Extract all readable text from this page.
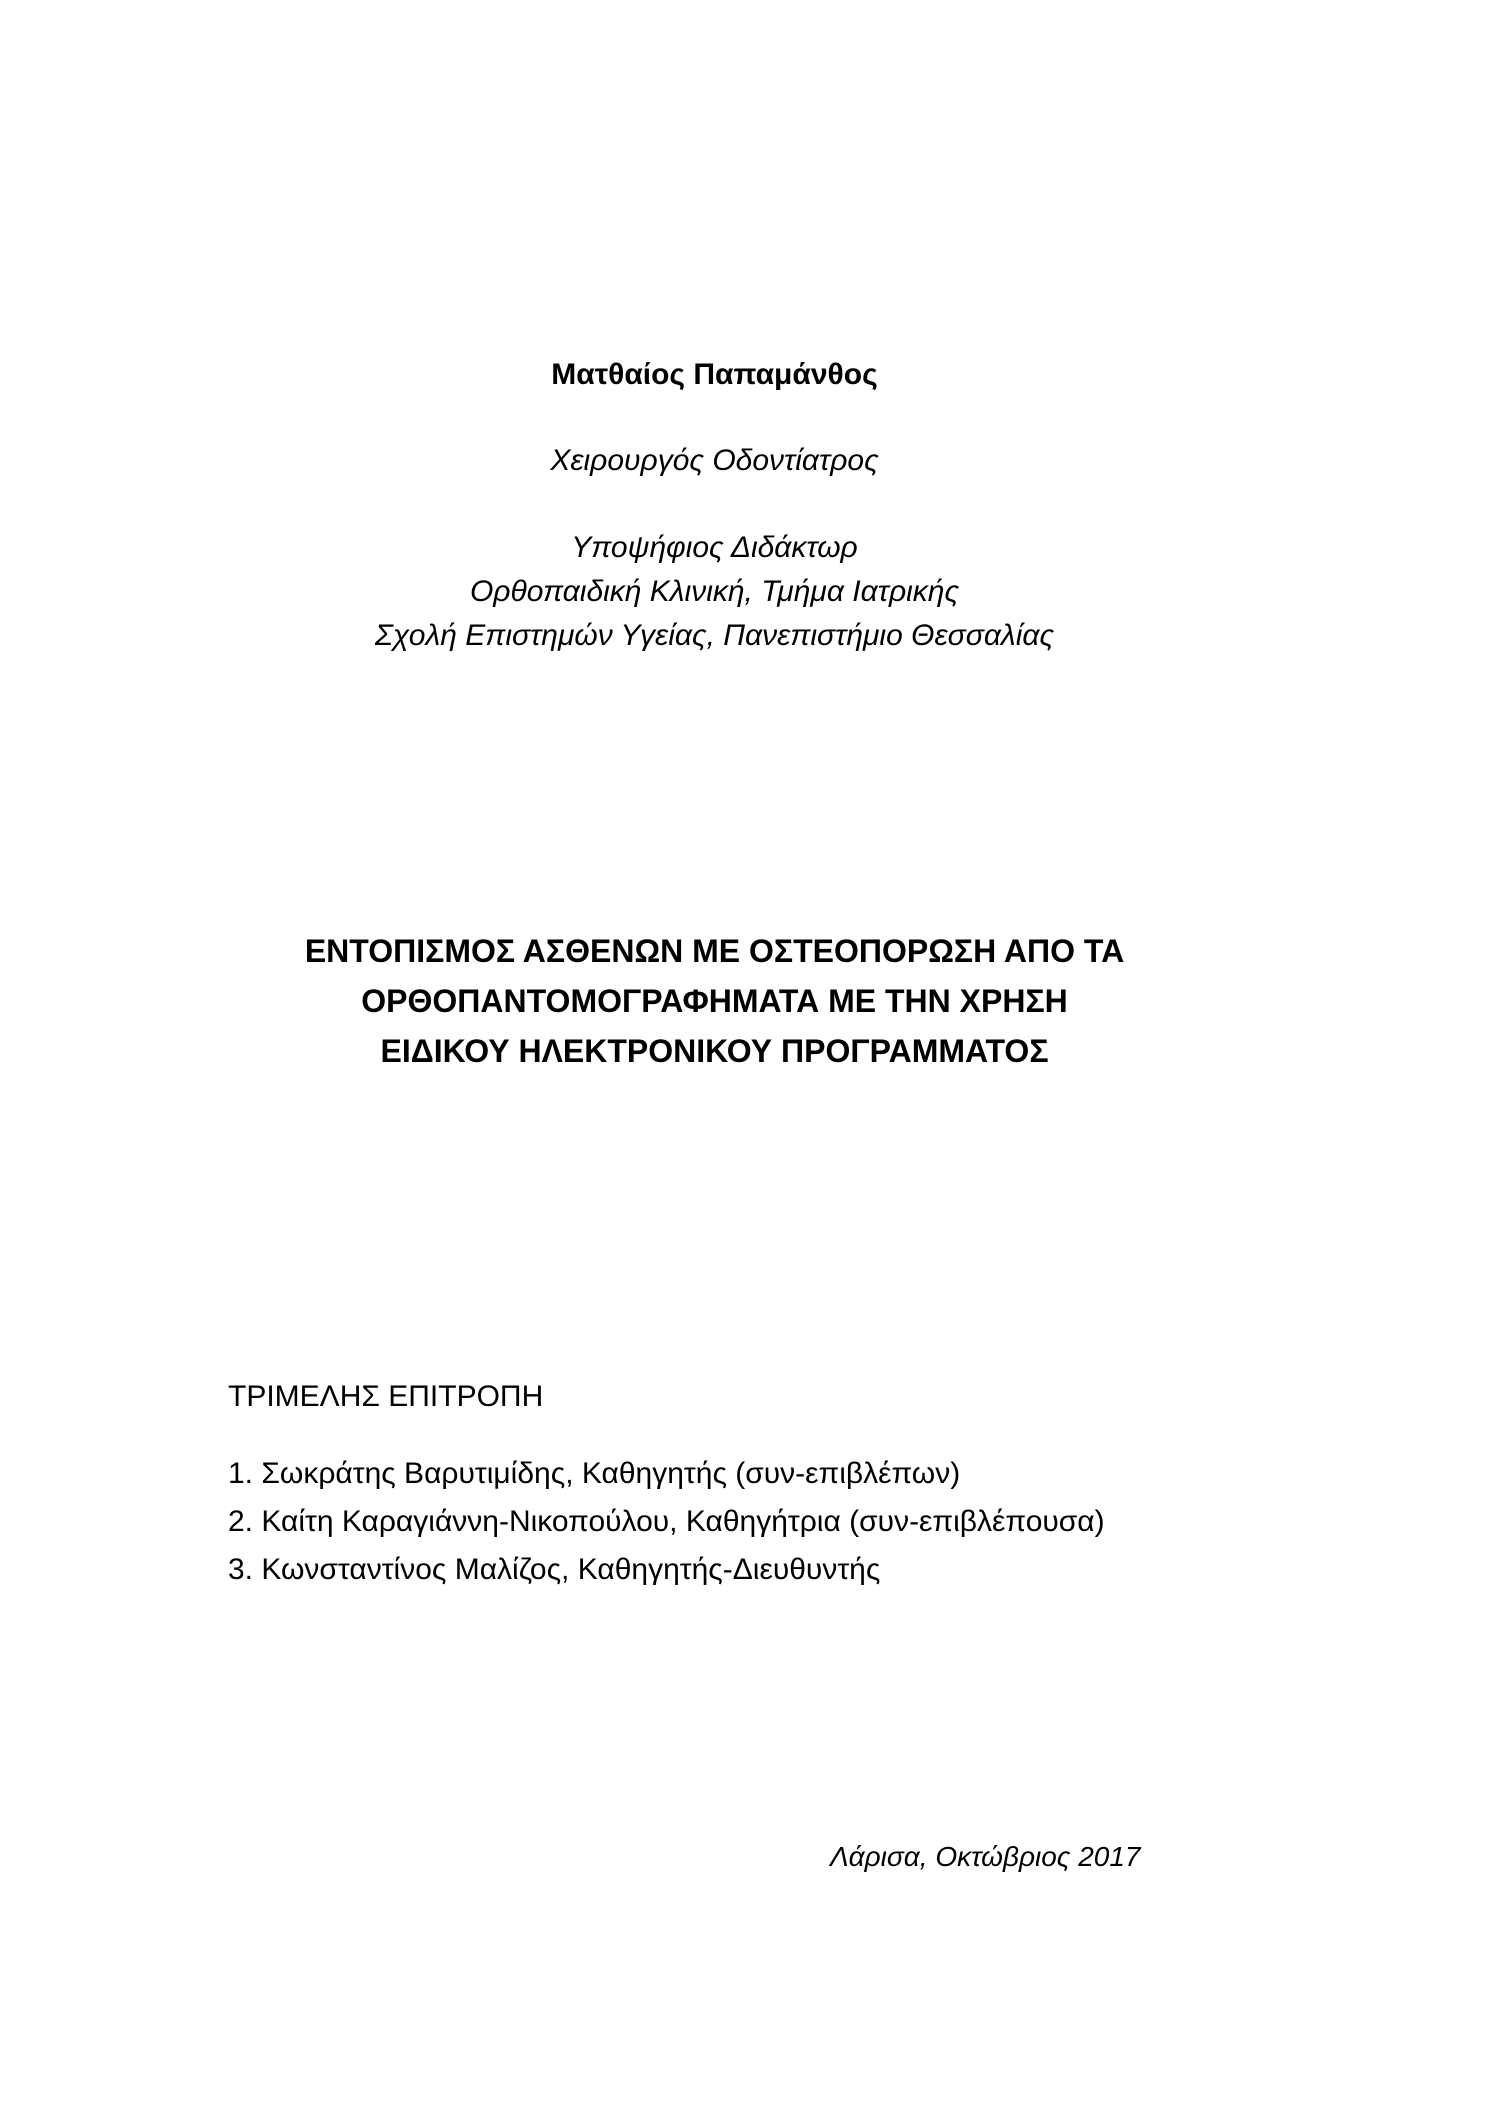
Ματθαίος Παπαμάνθος

Χειρουργός Οδοντίατρος

Υποψήφιος Διδάκτωρ

Ορθοπαιδική Κλινική, Τμήμα Ιατρικής

Σχολή Επιστημών Υγείας, Πανεπιστήμιο Θεσσαλίας

ΕΝΤΟΠΙΣΜΟΣ ΑΣΘΕΝΩΝ ΜΕ ΟΣΤΕΟΠΟΡΩΣΗ ΑΠΟ ΤΑ

ΟΡΘΟΠΑΝΤΟΜΟΓΡΑΦΗΜΑΤΑ ΜΕ ΤΗΝ ΧΡΗΣΗ

ΕΙΔΙΚΟΥ ΗΛΕΚΤΡΟΝΙΚΟΥ ΠΡΟΓΡΑΜΜΑΤΟΣ

ΤΡΙΜΕΛΗΣ ΕΠΙΤΡΟΠΗ

1. Σωκράτης Βαρυτιμίδης, Καθηγητής (συν-επιβλέπων)
2. Καίτη Καραγιάννη-Νικοπούλου, Καθηγήτρια (συν-επιβλέπουσα)
3. Κωνσταντίνος Μαλίζος, Καθηγητής-Διευθυντής

Λάρισα, Οκτώβριος 2017
